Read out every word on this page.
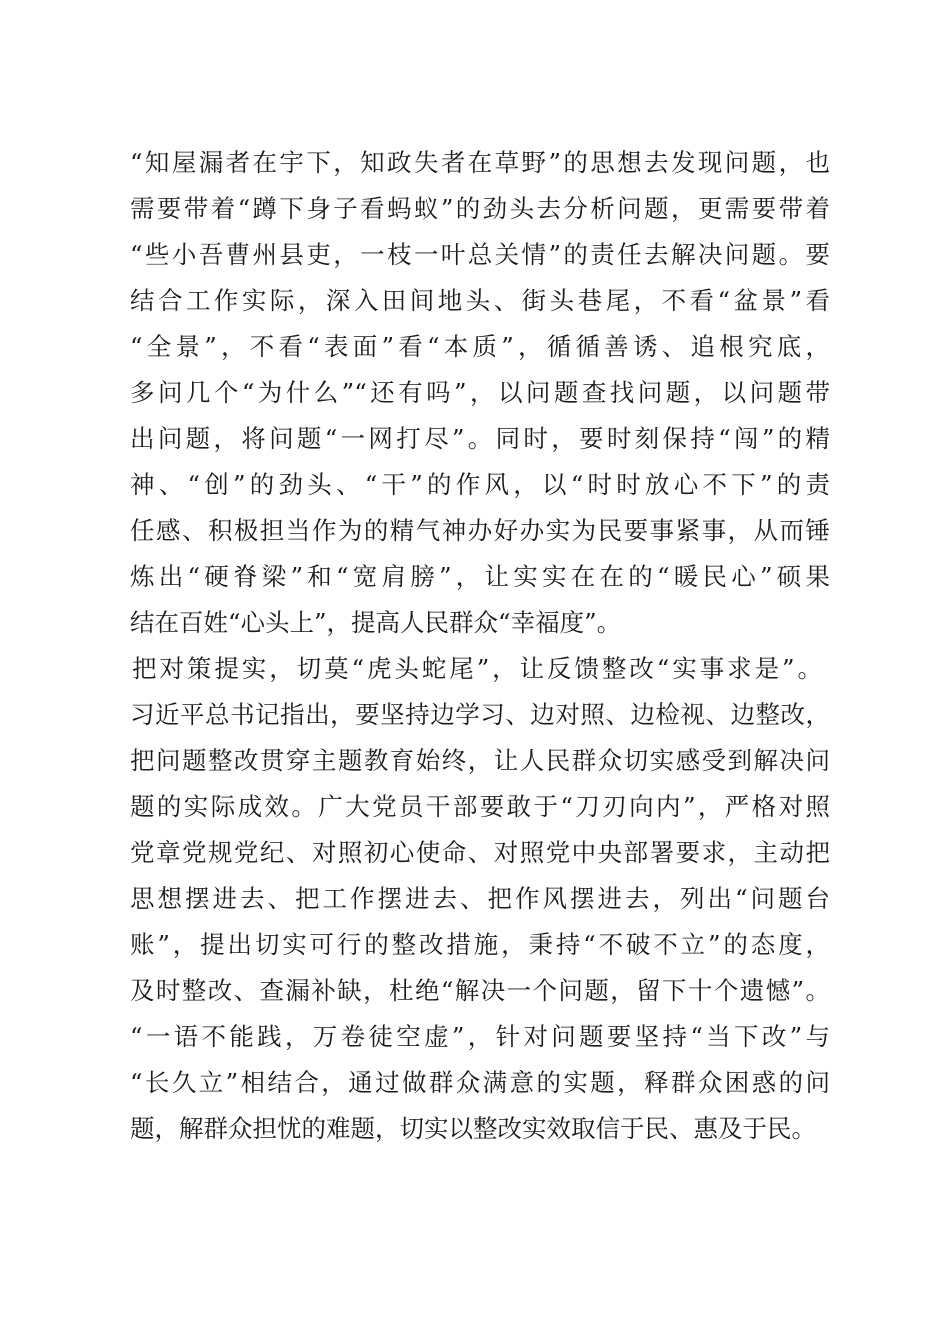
“知屋漏者在宇下，知政失者在草野”的思想去发现问题，也
需要带着“蹲下身子看蚂蚁”的劲头去分析问题，更需要带着
“些小吾曹州县吏，一枝一叶总关情”的责任去解决问题。要
结合工作实际，深入田间地头、街头巷尾，不看“盆景”看
“全景”，不看“表面”看“本质”，循循善诱、追根究底，
多问几个“为什么”“还有吗”，以问题查找问题，以问题带
出问题，将问题“一网打尽”。同时，要时刻保持“闯”的精
神、“创”的劲头、“干”的作风，以“时时放心不下”的责
任感、积极担当作为的精气神办好办实为民要事紧事，从而锤
炼出“硬脊梁”和“宽肩膀”，让实实在在的“暖民心”硕果
结在百姓“心头上”，提高人民群众“幸福度”。
把对策提实，切莫“虎头蛇尾”，让反馈整改“实事求是”。
习近平总书记指出，要坚持边学习、边对照、边检视、边整改，
把问题整改贯穿主题教育始终，让人民群众切实感受到解决问
题的实际成效。广大党员干部要敢于“刀刃向内”，严格对照
党章党规党纪、对照初心使命、对照党中央部署要求，主动把
思想摆进去、把工作摆进去、把作风摆进去，列出“问题台
账”，提出切实可行的整改措施，秉持“不破不立”的态度，
及时整改、查漏补缺，杜绝“解决一个问题，留下十个遗憾”。
“一语不能践，万卷徒空虚”，针对问题要坚持“当下改”与
“长久立”相结合，通过做群众满意的实题，释群众困惑的问
题，解群众担忧的难题，切实以整改实效取信于民、惠及于民。
